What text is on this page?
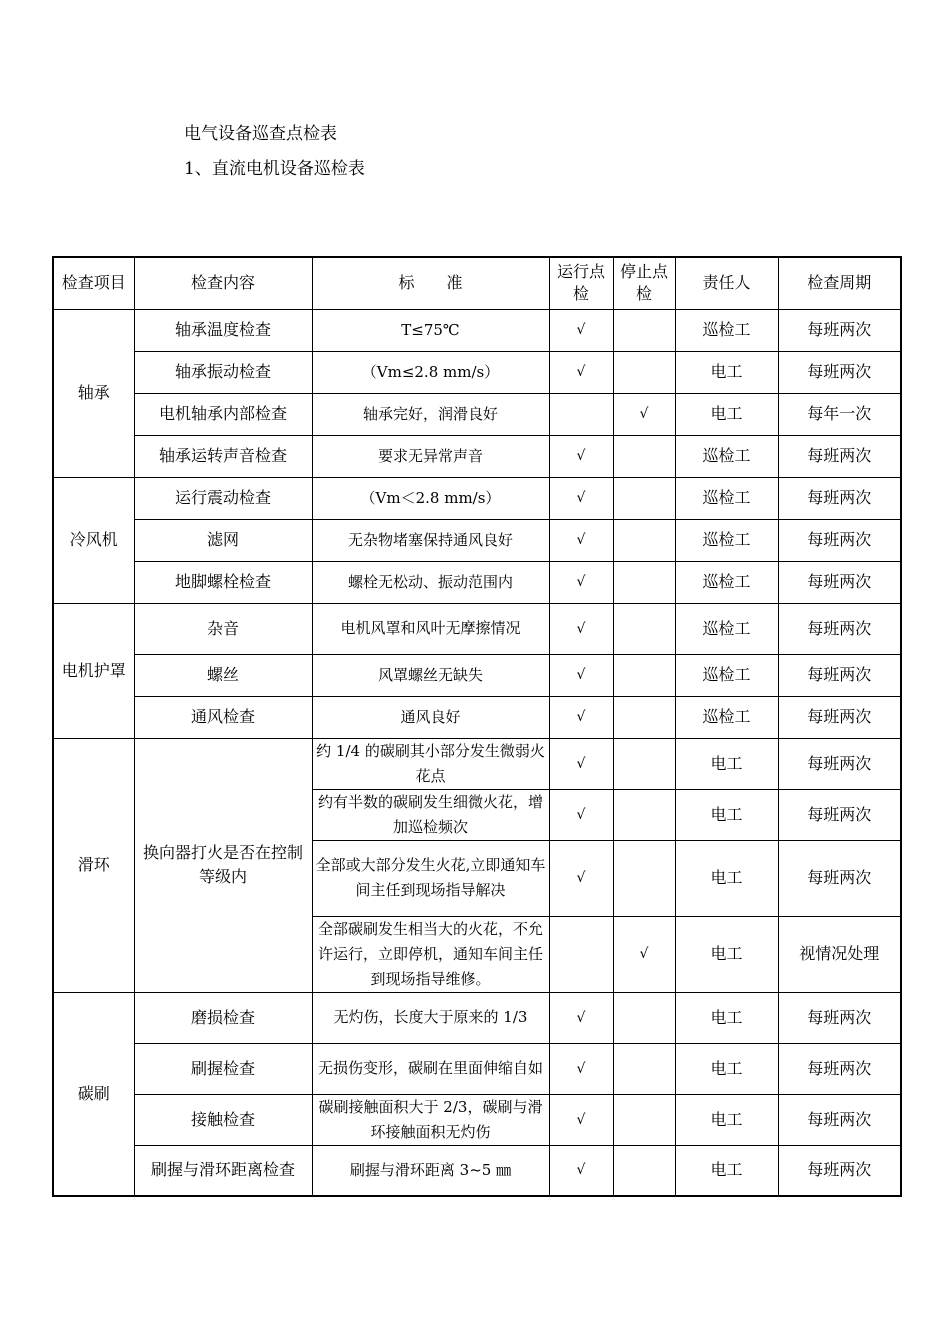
电气设备巡查点检表
1、直流电机设备巡检表
检查项目	检查内容	标　　准	运行点检	停止点检	责任人	检查周期
轴承	轴承温度检查	T≤75℃	√		巡检工	每班两次
	轴承振动检查	（Vm≤2.8 mm/s）	√		电工	每班两次
	电机轴承内部检查	轴承完好，润滑良好		√	电工	每年一次
	轴承运转声音检查	要求无异常声音	√		巡检工	每班两次
冷风机	运行震动检查	（Vm＜2.8 mm/s）	√		巡检工	每班两次
	滤网	无杂物堵塞保持通风良好	√		巡检工	每班两次
	地脚螺栓检查	螺栓无松动、振动范围内	√		巡检工	每班两次
电机护罩	杂音	电机风罩和风叶无摩擦情况	√		巡检工	每班两次
	螺丝	风罩螺丝无缺失	√		巡检工	每班两次
	通风检查	通风良好	√		巡检工	每班两次
滑环	换向器打火是否在控制等级内	约 1/4 的碳刷其小部分发生微弱火花点	√		电工	每班两次
		约有半数的碳刷发生细微火花，增加巡检频次	√		电工	每班两次
		全部或大部分发生火花,立即通知车间主任到现场指导解决	√		电工	每班两次
		全部碳刷发生相当大的火花，不允许运行，立即停机，通知车间主任到现场指导维修。		√	电工	视情况处理
碳刷	磨损检查	无灼伤，长度大于原来的 1/3	√		电工	每班两次
	刷握检查	无损伤变形，碳刷在里面伸缩自如	√		电工	每班两次
	接触检查	碳刷接触面积大于 2/3，碳刷与滑环接触面积无灼伤	√		电工	每班两次
	刷握与滑环距离检查	刷握与滑环距离 3~5 ㎜	√		电工	每班两次
